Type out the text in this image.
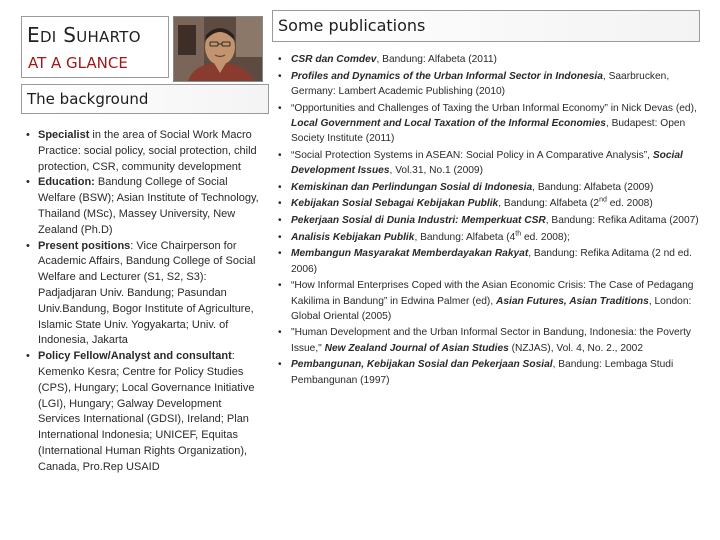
EDI SUHARTO
AT A GLANCE
The background
• Specialist in the area of Social Work Macro Practice: social policy, social protection, child protection, CSR, community development
• Education: Bandung College of Social Welfare (BSW); Asian Institute of Technology, Thailand (MSc), Massey University, New Zealand (Ph.D)
• Present positions: Vice Chairperson for Academic Affairs, Bandung College of Social Welfare and Lecturer (S1, S2, S3): Padjadjaran Univ. Bandung; Pasundan Univ.Bandung, Bogor Institute of Agriculture, Islamic State Univ. Yogyakarta; Univ. of Indonesia, Jakarta
• Policy Fellow/Analyst and consultant: Kemenko Kesra; Centre for Policy Studies (CPS), Hungary; Local Governance Initiative (LGI), Hungary; Galway Development Services International (GDSI), Ireland; Plan International Indonesia; UNICEF, Equitas (International Human Rights Organization), Canada, Pro.Rep USAID
Some publications
• CSR dan Comdev, Bandung: Alfabeta (2011)
• Profiles and Dynamics of the Urban Informal Sector in Indonesia, Saarbrucken, Germany: Lambert Academic Publishing (2010)
• “Opportunities and Challenges of Taxing the Urban Informal Economy” in Nick Devas (ed), Local Government and Local Taxation of the Informal Economies, Budapest: Open Society Institute (2011)
• “Social Protection Systems in ASEAN: Social Policy in A Comparative Analysis”, Social Development Issues, Vol.31, No.1 (2009)
• Kemiskinan dan Perlindungan Sosial di Indonesia, Bandung: Alfabeta (2009)
• Kebijakan Sosial Sebagai Kebijakan Publik, Bandung: Alfabeta (2nd ed. 2008)
• Pekerjaan Sosial di Dunia Industri: Memperkuat CSR, Bandung: Refika Aditama (2007)
• Analisis Kebijakan Publik, Bandung: Alfabeta (4th ed. 2008);
• Membangun Masyarakat Memberdayakan Rakyat, Bandung: Refika Aditama (2 nd ed. 2006)
• “How Informal Enterprises Coped with the Asian Economic Crisis: The Case of Pedagang Kakilima in Bandung” in Edwina Palmer (ed), Asian Futures, Asian Traditions, London: Global Oriental (2005)
• "Human Development and the Urban Informal Sector in Bandung, Indonesia: the Poverty Issue," New Zealand Journal of Asian Studies (NZJAS), Vol. 4, No. 2., 2002
• Pembangunan, Kebijakan Sosial dan Pekerjaan Sosial, Bandung: Lembaga Studi Pembangunan (1997)
